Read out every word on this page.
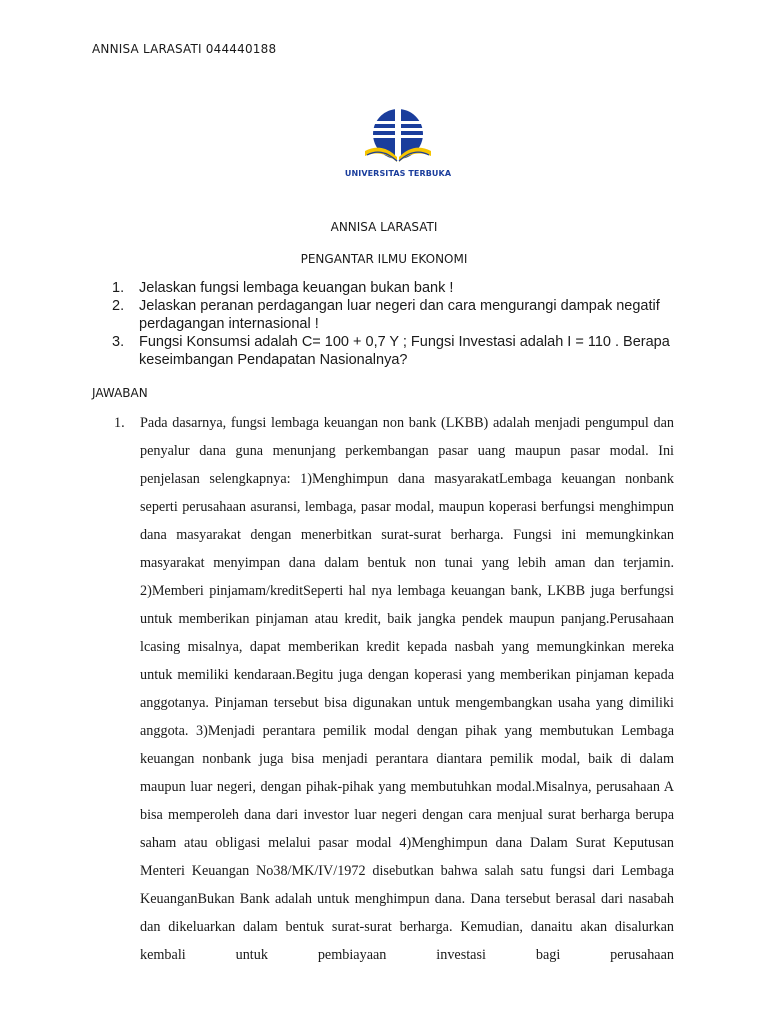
ANNISA LARASATI 044440188
UNIVERSITAS TERBUKA
ANNISA LARASATI
PENGANTAR ILMU EKONOMI
1. Jelaskan fungsi lembaga keuangan bukan bank !
2. Jelaskan peranan perdagangan luar negeri dan cara mengurangi dampak negatif perdagangan internasional !
3. Fungsi Konsumsi adalah C= 100 + 0,7 Y ; Fungsi Investasi adalah I = 110 . Berapa keseimbangan Pendapatan Nasionalnya?
JAWABAN
1. Pada dasarnya, fungsi lembaga keuangan non bank (LKBB) adalah menjadi pengumpul dan penyalur dana guna menunjang perkembangan pasar uang maupun pasar modal. Ini penjelasan selengkapnya: 1)Menghimpun dana masyarakatLembaga keuangan nonbank seperti perusahaan asuransi, lembaga, pasar modal, maupun koperasi berfungsi menghimpun dana masyarakat dengan menerbitkan surat-surat berharga. Fungsi ini memungkinkan masyarakat menyimpan dana dalam bentuk non tunai yang lebih aman dan terjamin. 2)Memberi pinjamam/kreditSeperti hal nya lembaga keuangan bank, LKBB juga berfungsi untuk memberikan pinjaman atau kredit, baik jangka pendek maupun panjang.Perusahaan lcasing misalnya, dapat memberikan kredit kepada nasbah yang memungkinkan mereka untuk memiliki kendaraan.Begitu juga dengan koperasi yang memberikan pinjaman kepada anggotanya. Pinjaman tersebut bisa digunakan untuk mengembangkan usaha yang dimiliki anggota. 3)Menjadi perantara pemilik modal dengan pihak yang membutukan Lembaga keuangan nonbank juga bisa menjadi perantara diantara pemilik modal, baik di dalam maupun luar negeri, dengan pihak-pihak yang membutuhkan modal.Misalnya, perusahaan A bisa memperoleh dana dari investor luar negeri dengan cara menjual surat berharga berupa saham atau obligasi melalui pasar modal 4)Menghimpun dana Dalam Surat Keputusan Menteri Keuangan No38/MK/IV/1972 disebutkan bahwa salah satu fungsi dari Lembaga KeuanganBukan Bank adalah untuk menghimpun dana. Dana tersebut berasal dari nasabah dan dikeluarkan dalam bentuk surat-surat berharga. Kemudian, danaitu akan disalurkan kembali untuk pembiayaan investasi bagi perusahaan
